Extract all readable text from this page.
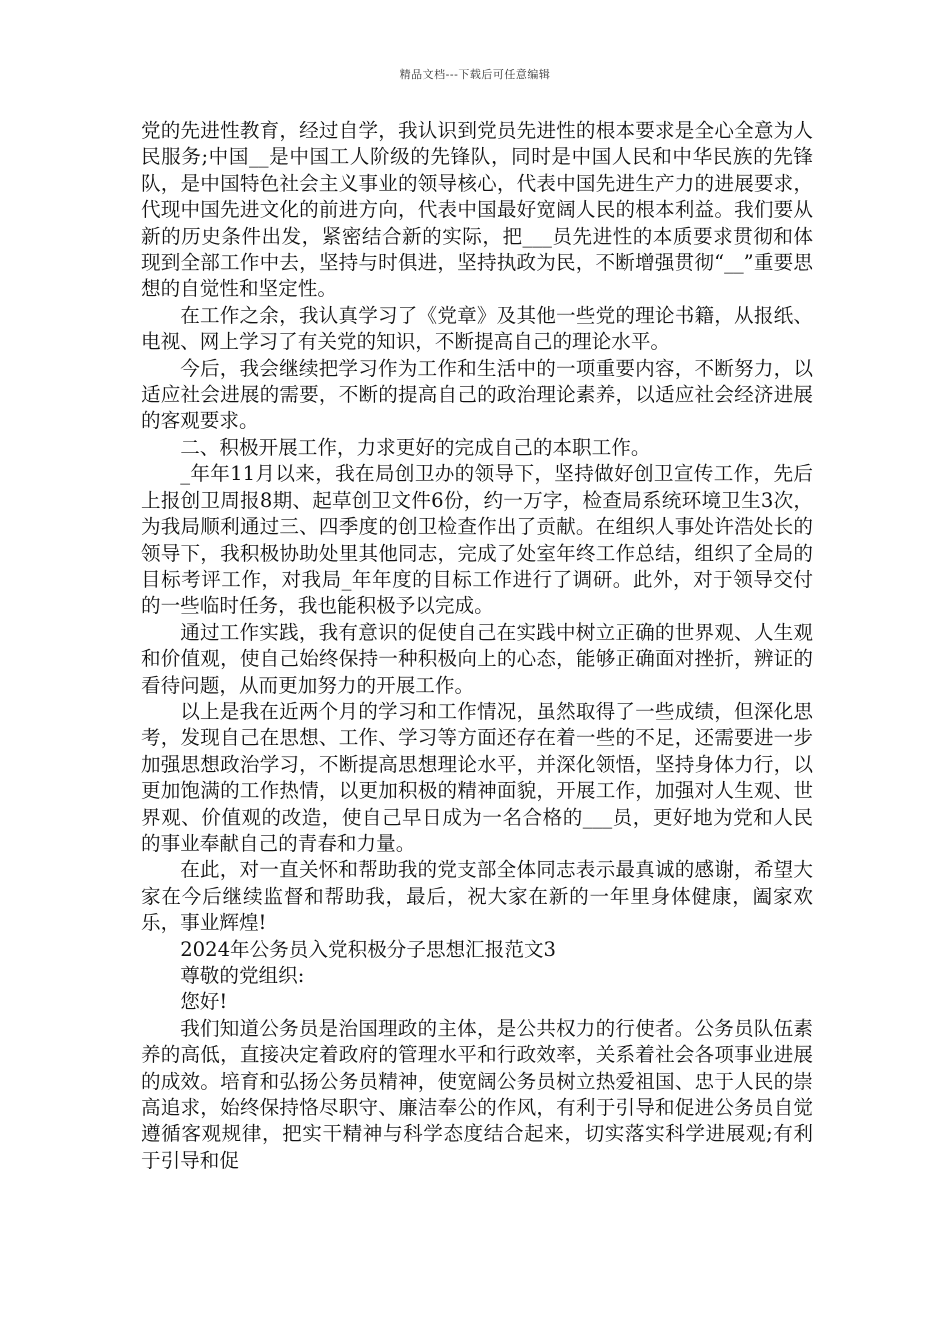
精品文档---下载后可任意编辑

党的先进性教育，经过自学，我认识到党员先进性的根本要求是全心全意为人民服务;中国__是中国工人阶级的先锋队，同时是中国人民和中华民族的先锋队，是中国特色社会主义事业的领导核心，代表中国先进生产力的进展要求，代现中国先进文化的前进方向，代表中国最好宽阔人民的根本利益。我们要从新的历史条件出发，紧密结合新的实际，把___员先进性的本质要求贯彻和体现到全部工作中去，坚持与时俱进，坚持执政为民，不断增强贯彻“__”重要思想的自觉性和坚定性。

在工作之余，我认真学习了《党章》及其他一些党的理论书籍，从报纸、电视、网上学习了有关党的知识，不断提高自己的理论水平。

今后，我会继续把学习作为工作和生活中的一项重要内容，不断努力，以适应社会进展的需要，不断的提高自己的政治理论素养，以适应社会经济进展的客观要求。

二、积极开展工作，力求更好的完成自己的本职工作。

_年年11月以来，我在局创卫办的领导下，坚持做好创卫宣传工作，先后上报创卫周报8期、起草创卫文件6份，约一万字，检查局系统环境卫生3次，为我局顺利通过三、四季度的创卫检查作出了贡献。在组织人事处许浩处长的领导下，我积极协助处里其他同志，完成了处室年终工作总结，组织了全局的目标考评工作，对我局_年年度的目标工作进行了调研。此外，对于领导交付的一些临时任务，我也能积极予以完成。

通过工作实践，我有意识的促使自己在实践中树立正确的世界观、人生观和价值观，使自己始终保持一种积极向上的心态，能够正确面对挫折，辨证的看待问题，从而更加努力的开展工作。

以上是我在近两个月的学习和工作情况，虽然取得了一些成绩，但深化思考，发现自己在思想、工作、学习等方面还存在着一些的不足，还需要进一步加强思想政治学习，不断提高思想理论水平，并深化领悟，坚持身体力行，以更加饱满的工作热情，以更加积极的精神面貌，开展工作，加强对人生观、世界观、价值观的改造，使自己早日成为一名合格的___员，更好地为党和人民的事业奉献自己的青春和力量。

在此，对一直关怀和帮助我的党支部全体同志表示最真诚的感谢，希望大家在今后继续监督和帮助我，最后，祝大家在新的一年里身体健康，阖家欢乐，事业辉煌!

2024年公务员入党积极分子思想汇报范文3

尊敬的党组织:

您好!

我们知道公务员是治国理政的主体，是公共权力的行使者。公务员队伍素养的高低，直接决定着政府的管理水平和行政效率，关系着社会各项事业进展的成效。培育和弘扬公务员精神，使宽阔公务员树立热爱祖国、忠于人民的崇高追求，始终保持恪尽职守、廉洁奉公的作风，有利于引导和促进公务员自觉遵循客观规律，把实干精神与科学态度结合起来，切实落实科学进展观;有利于引导和促
